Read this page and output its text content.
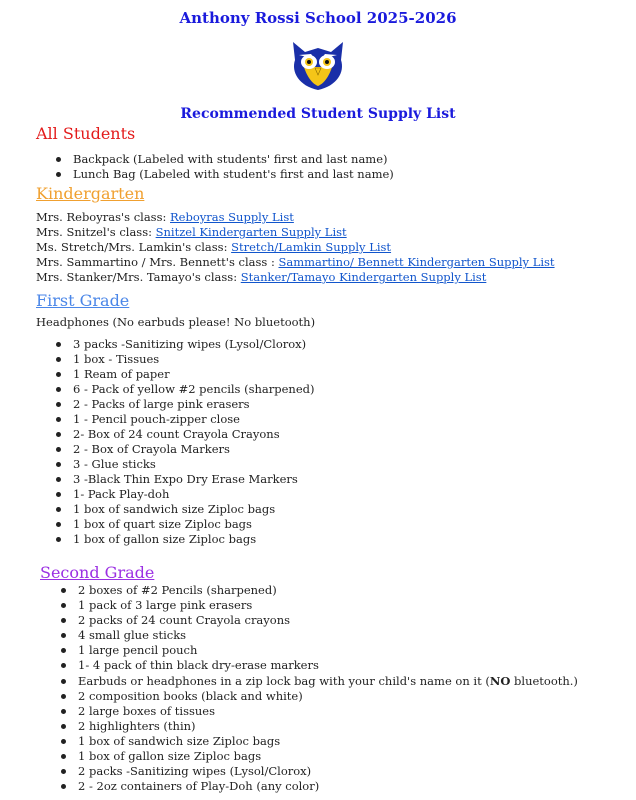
Anthony Rossi School 2025-2026
Recommended Student Supply List
All Students
Backpack (Labeled with students' first and last name)
Lunch Bag (Labeled with student's first and last name)
Kindergarten
Mrs. Reboyras's class: Reboyras Supply List
Mrs. Snitzel's class: Snitzel Kindergarten Supply List
Ms. Stretch/Mrs. Lamkin's class: Stretch/Lamkin Supply List
Mrs. Sammartino / Mrs. Bennett's class : Sammartino/ Bennett Kindergarten Supply List
Mrs. Stanker/Mrs. Tamayo's class: Stanker/Tamayo Kindergarten Supply List
First Grade
Headphones (No earbuds please! No bluetooth)
3 packs -Sanitizing wipes (Lysol/Clorox)
1 box - Tissues
1 Ream of paper
6 - Pack of yellow #2 pencils (sharpened)
2 - Packs of large pink erasers
1 - Pencil pouch-zipper close
2- Box of 24 count Crayola Crayons
2 - Box of Crayola Markers
3 - Glue sticks
3 -Black Thin Expo Dry Erase Markers
1- Pack Play-doh
1 box of sandwich size Ziploc bags
1 box of quart size Ziploc bags
1 box of gallon size Ziploc bags
Second Grade
2 boxes of #2 Pencils (sharpened)
1 pack of 3 large pink erasers
2 packs of 24 count Crayola crayons
4 small glue sticks
1 large pencil pouch
1- 4 pack of thin black dry-erase markers
Earbuds or headphones in a zip lock bag with your child's name on it (NO bluetooth.)
2 composition books (black and white)
2 large boxes of tissues
2 highlighters (thin)
1 box of sandwich size Ziploc bags
1 box of gallon size Ziploc bags
2 packs -Sanitizing wipes (Lysol/Clorox)
2 - 2oz containers of Play-Doh (any color)
